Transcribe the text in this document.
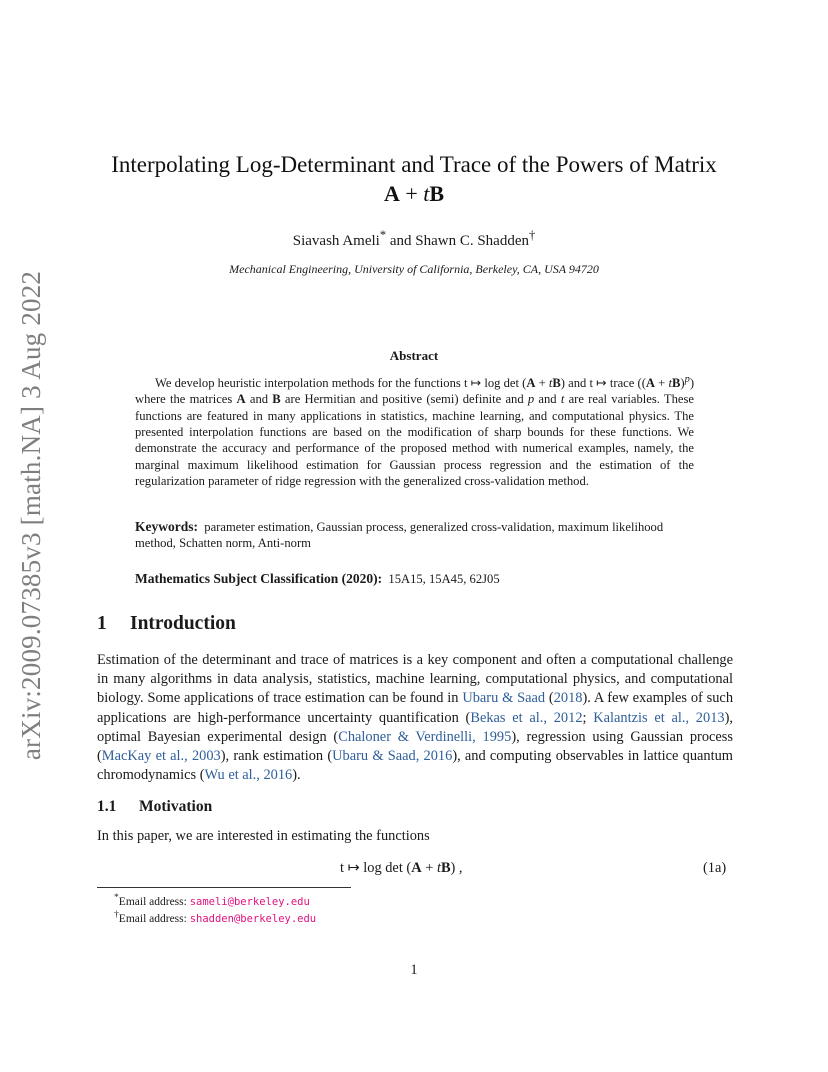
arXiv:2009.07385v3 [math.NA] 3 Aug 2022
Interpolating Log-Determinant and Trace of the Powers of Matrix
A + tB
Siavash Ameli* and Shawn C. Shadden†
Mechanical Engineering, University of California, Berkeley, CA, USA 94720
Abstract
We develop heuristic interpolation methods for the functions t ↦ log det (A + tB) and t ↦ trace ((A + tB)$^p$) where the matrices A and B are Hermitian and positive (semi) definite and p and t are real variables. These functions are featured in many applications in statistics, machine learning, and computational physics. The presented interpolation functions are based on the modification of sharp bounds for these functions. We demonstrate the accuracy and performance of the proposed method with numerical examples, namely, the marginal maximum likelihood estimation for Gaussian process regression and the estimation of the regularization parameter of ridge regression with the generalized cross-validation method.
Keywords: parameter estimation, Gaussian process, generalized cross-validation, maximum likelihood method, Schatten norm, Anti-norm
Mathematics Subject Classification (2020): 15A15, 15A45, 62J05
1 Introduction
Estimation of the determinant and trace of matrices is a key component and often a computational challenge in many algorithms in data analysis, statistics, machine learning, computational physics, and computational biology. Some applications of trace estimation can be found in Ubaru & Saad (2018). A few examples of such applications are high-performance uncertainty quantification (Bekas et al., 2012; Kalantzis et al., 2013), optimal Bayesian experimental design (Chaloner & Verdinelli, 1995), regression using Gaussian process (MacKay et al., 2003), rank estimation (Ubaru & Saad, 2016), and computing observables in lattice quantum chromodynamics (Wu et al., 2016).
1.1 Motivation
In this paper, we are interested in estimating the functions
t ↦ log det (A + tB) ,	(1a)
*Email address: sameli@berkeley.edu
†Email address: shadden@berkeley.edu
1
